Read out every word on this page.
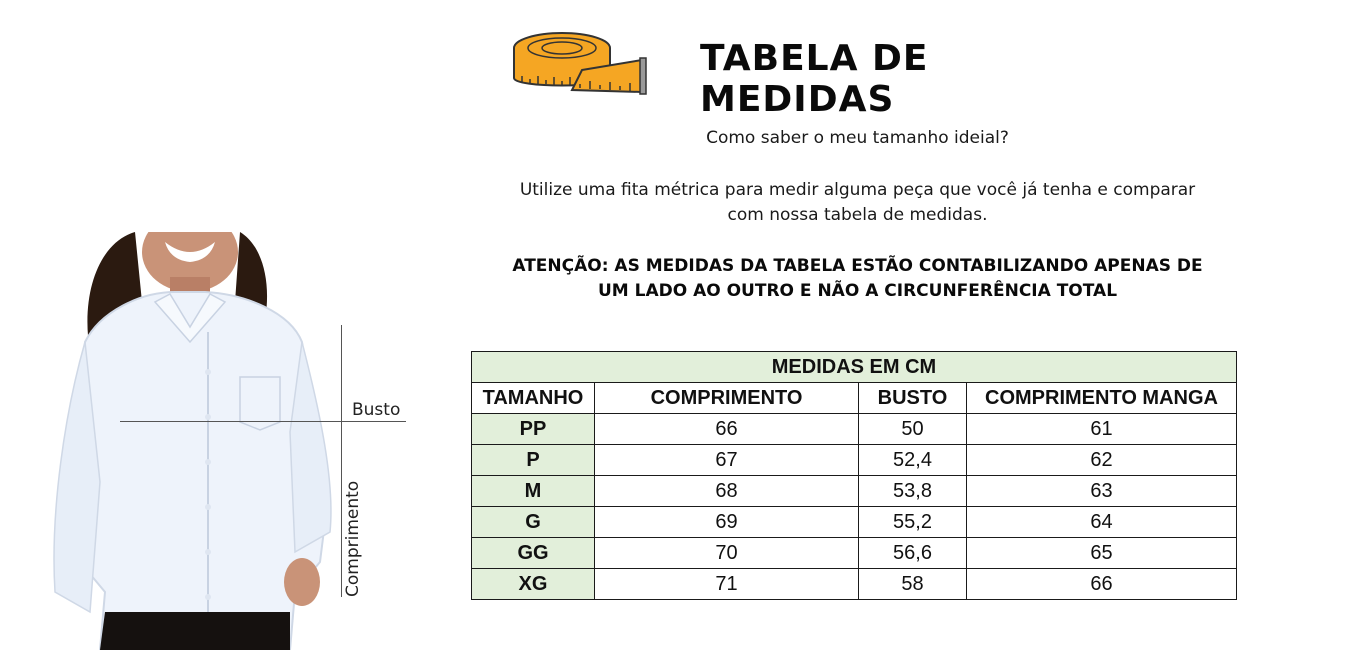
Busto
Comprimento
TABELA DE MEDIDAS
Como saber o meu tamanho ideial?
Utilize uma fita métrica para medir alguma peça que você já tenha e comparar com nossa tabela de medidas.
ATENÇÃO: AS MEDIDAS DA TABELA ESTÃO CONTABILIZANDO APENAS DE UM LADO AO OUTRO E NÃO A CIRCUNFERÊNCIA TOTAL
MEDIDAS EM CM			
TAMANHO	COMPRIMENTO	BUSTO	COMPRIMENTO MANGA
PP	66	50	61
P	67	52,4	62
M	68	53,8	63
G	69	55,2	64
GG	70	56,6	65
XG	71	58	66
